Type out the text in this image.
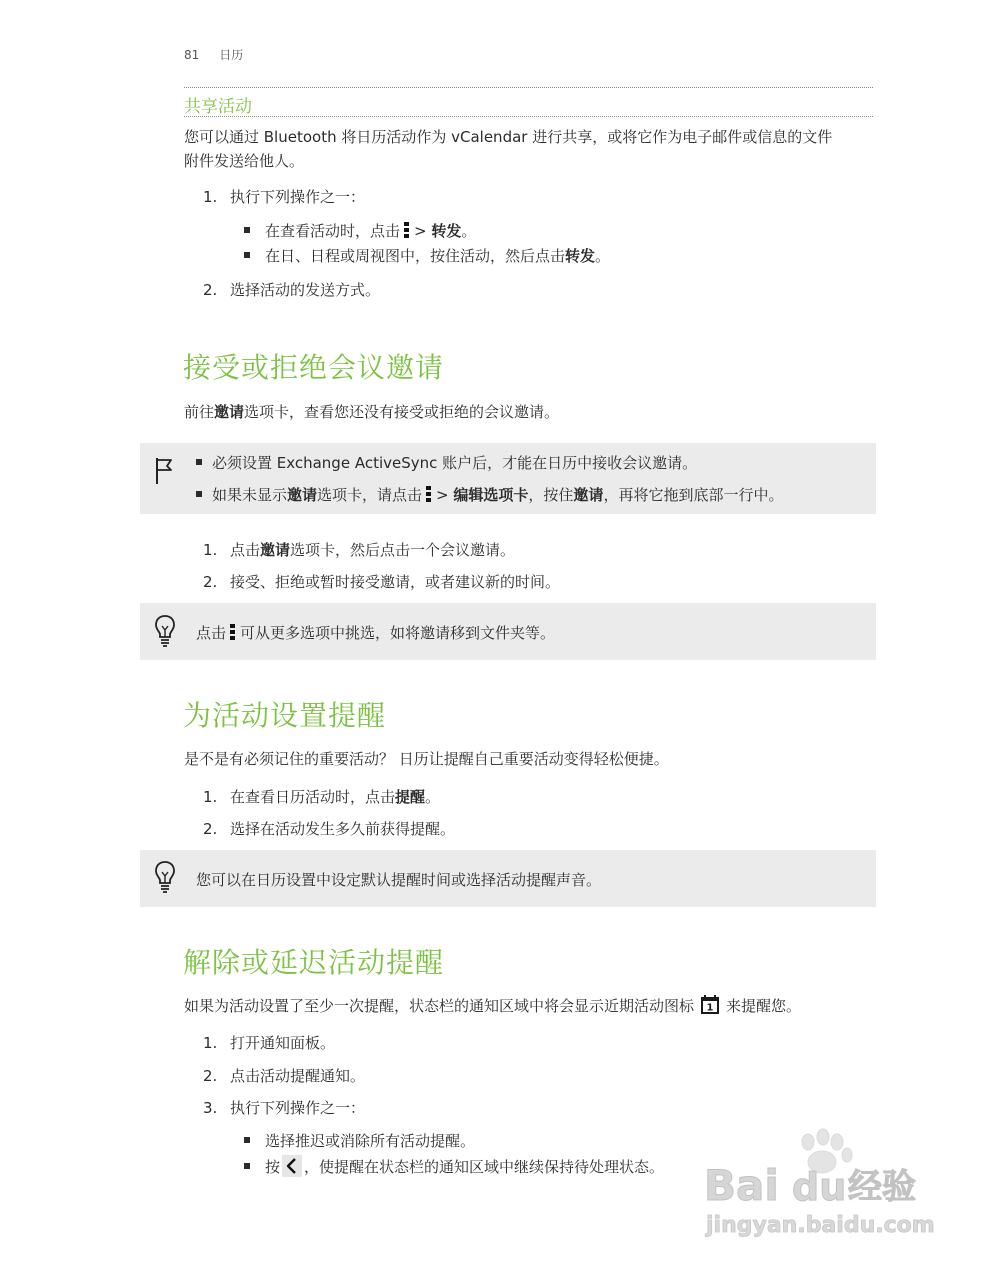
81 日历
共享活动
您可以通过 Bluetooth 将日历活动作为 vCalendar 进行共享，或将它作为电子邮件或信息的文件
附件发送给他人。
1. 执行下列操作之一：
在查看活动时，点击 > 转发。
在日、日程或周视图中，按住活动，然后点击转发。
2. 选择活动的发送方式。
接受或拒绝会议邀请
前往邀请选项卡，查看您还没有接受或拒绝的会议邀请。
必须设置 Exchange ActiveSync 账户后，才能在日历中接收会议邀请。
如果未显示邀请选项卡，请点击 > 编辑选项卡，按住邀请，再将它拖到底部一行中。
1. 点击邀请选项卡，然后点击一个会议邀请。
2. 接受、拒绝或暂时接受邀请，或者建议新的时间。
点击 可从更多选项中挑选，如将邀请移到文件夹等。
为活动设置提醒
是不是有必须记住的重要活动？ 日历让提醒自己重要活动变得轻松便捷。
1. 在查看日历活动时，点击提醒。
2. 选择在活动发生多久前获得提醒。
您可以在日历设置中设定默认提醒时间或选择活动提醒声音。
解除或延迟活动提醒
如果为活动设置了至少一次提醒，状态栏的通知区域中将会显示近期活动图标 1 来提醒您。
1. 打开通知面板。
2. 点击活动提醒通知。
3. 执行下列操作之一：
选择推迟或消除所有活动提醒。
按 ，使提醒在状态栏的通知区域中继续保持待处理状态。 Bai du 经验
jingyan.baidu.com
